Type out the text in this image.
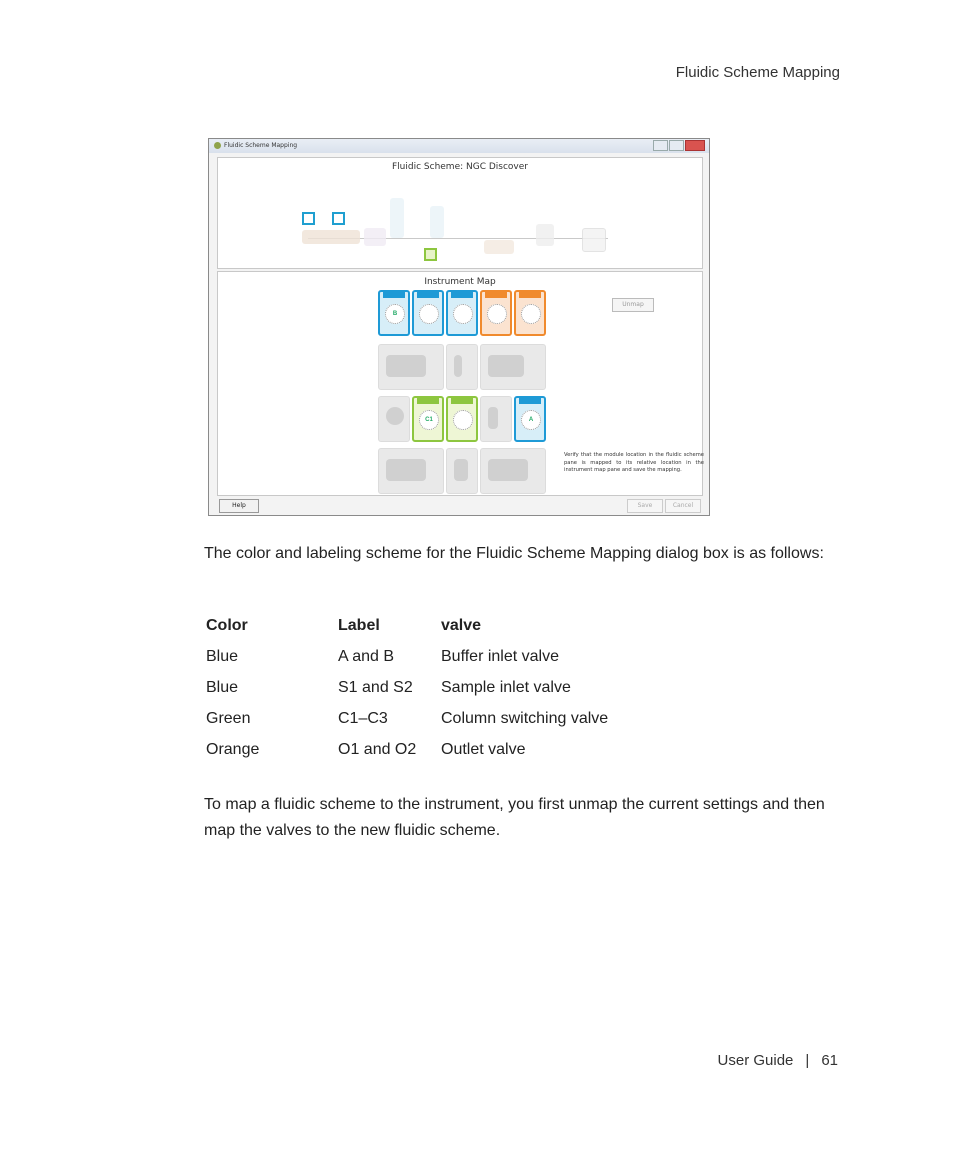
Fluidic Scheme Mapping
Fluidic Scheme Mapping
Fluidic Scheme: NGC Discover
Instrument Map
B
C1	A
Unmap
Verify that the module location in the fluidic scheme pane is mapped to its relative location in the instrument map pane and save the mapping.
Help	Save	Cancel
The color and labeling scheme for the Fluidic Scheme Mapping dialog box is as follows:
Color	Label	valve
Blue	A and B	Buffer inlet valve
Blue	S1 and S2	Sample inlet valve
Green	C1–C3	Column switching valve
Orange	O1 and O2	Outlet valve
To map a fluidic scheme to the instrument, you first unmap the current settings and then map the valves to the new fluidic scheme.
User Guide | 61
